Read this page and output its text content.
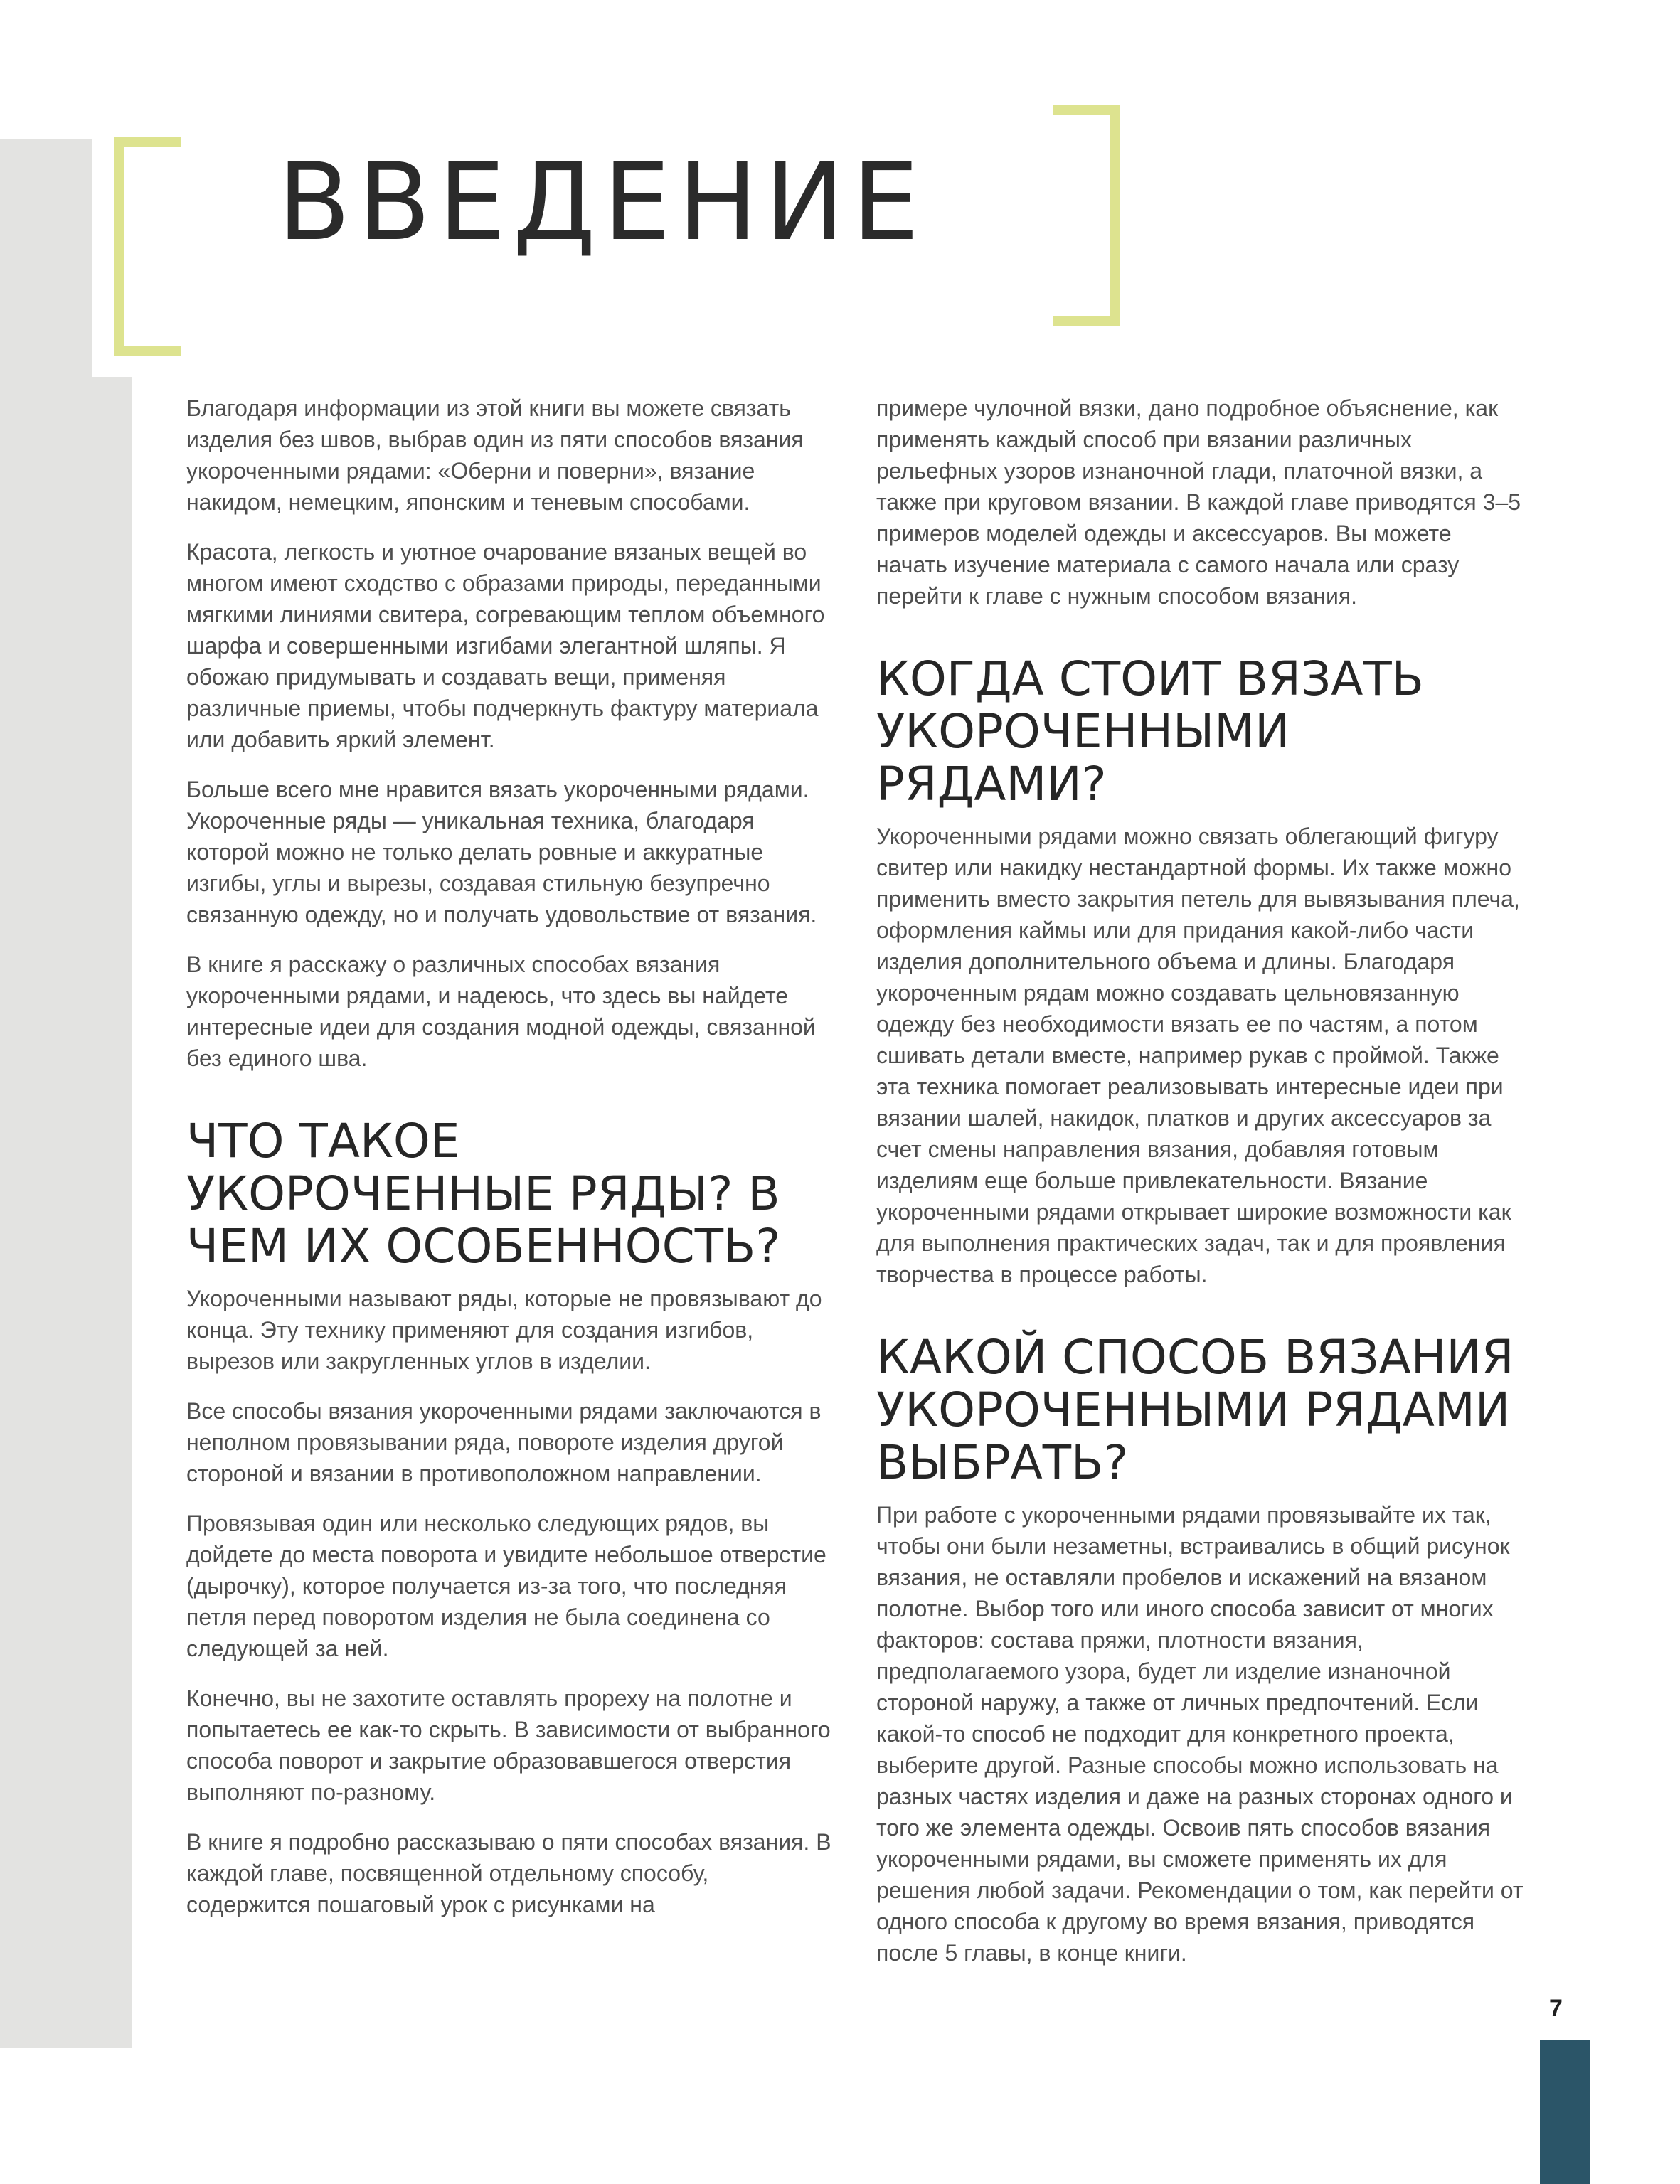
ВВЕДЕНИЕ

Благодаря информации из этой книги вы можете связать изделия без швов, выбрав один из пяти способов вязания укороченными рядами: «Оберни и поверни», вязание накидом, немецким, японским и теневым способами.

Красота, легкость и уютное очарование вязаных вещей во многом имеют сходство с образами природы, переданными мягкими линиями свитера, согревающим теплом объемного шарфа и совершенными изгибами элегантной шляпы. Я обожаю придумывать и создавать вещи, применяя различные приемы, чтобы подчеркнуть фактуру материала или добавить яркий элемент.

Больше всего мне нравится вязать укороченными рядами. Укороченные ряды — уникальная техника, благодаря которой можно не только делать ровные и аккуратные изгибы, углы и вырезы, создавая стильную безупречно связанную одежду, но и получать удовольствие от вязания.

В книге я расскажу о различных способах вязания укороченными рядами, и надеюсь, что здесь вы найдете интересные идеи для создания модной одежды, связанной без единого шва.

ЧТО ТАКОЕ УКОРОЧЕННЫЕ РЯДЫ? В ЧЕМ ИХ ОСОБЕННОСТЬ?

Укороченными называют ряды, которые не провязывают до конца. Эту технику применяют для создания изгибов, вырезов или закругленных углов в изделии.

Все способы вязания укороченными рядами заключаются в неполном провязывании ряда, повороте изделия другой стороной и вязании в противоположном направлении.

Провязывая один или несколько следующих рядов, вы дойдете до места поворота и увидите небольшое отверстие (дырочку), которое получается из-за того, что последняя петля перед поворотом изделия не была соединена со следующей за ней.

Конечно, вы не захотите оставлять прореху на полотне и попытаетесь ее как-то скрыть. В зависимости от выбранного способа поворот и закрытие образовавшегося отверстия выполняют по-разному.

В книге я подробно рассказываю о пяти способах вязания. В каждой главе, посвященной отдельному способу, содержится пошаговый урок с рисунками на

примере чулочной вязки, дано подробное объяснение, как применять каждый способ при вязании различных рельефных узоров изнаночной глади, платочной вязки, а также при круговом вязании. В каждой главе приводятся 3–5 примеров моделей одежды и аксессуаров. Вы можете начать изучение материала с самого начала или сразу перейти к главе с нужным способом вязания.

КОГДА СТОИТ ВЯЗАТЬ УКОРОЧЕННЫМИ РЯДАМИ?

Укороченными рядами можно связать облегающий фигуру свитер или накидку нестандартной формы. Их также можно применить вместо закрытия петель для вывязывания плеча, оформления каймы или для придания какой-либо части изделия дополнительного объема и длины. Благодаря укороченным рядам можно создавать цельновязанную одежду без необходимости вязать ее по частям, а потом сшивать детали вместе, например рукав с проймой. Также эта техника помогает реализовывать интересные идеи при вязании шалей, накидок, платков и других аксессуаров за счет смены направления вязания, добавляя готовым изделиям еще больше привлекательности. Вязание укороченными рядами открывает широкие возможности как для выполнения практических задач, так и для проявления творчества в процессе работы.

КАКОЙ СПОСОБ ВЯЗАНИЯ УКОРОЧЕННЫМИ РЯДАМИ ВЫБРАТЬ?

При работе с укороченными рядами провязывайте их так, чтобы они были незаметны, встраивались в общий рисунок вязания, не оставляли пробелов и искажений на вязаном полотне. Выбор того или иного способа зависит от многих факторов: состава пряжи, плотности вязания, предполагаемого узора, будет ли изделие изнаночной стороной наружу, а также от личных предпочтений. Если какой-то способ не подходит для конкретного проекта, выберите другой. Разные способы можно использовать на разных частях изделия и даже на разных сторонах одного и того же элемента одежды. Освоив пять способов вязания укороченными рядами, вы сможете применять их для решения любой задачи. Рекомендации о том, как перейти от одного способа к другому во время вязания, приводятся после 5 главы, в конце книги.

7
